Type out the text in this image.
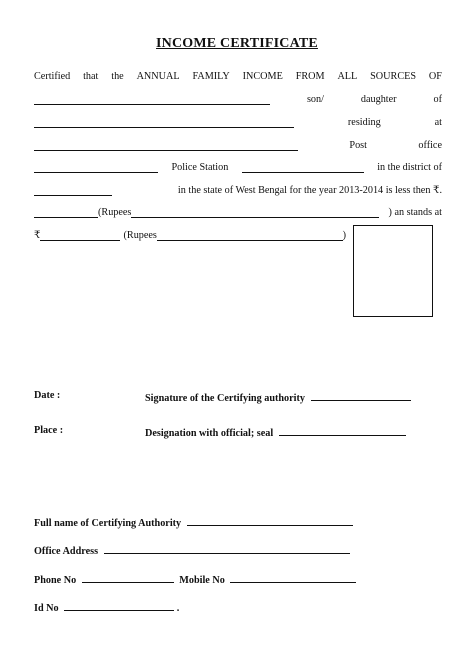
INCOME CERTIFICATE
Certified that the ANNUAL FAMILY INCOME FROM ALL SOURCES OF
son/	daughter	of
residing	at
Post	office
Police Station	in the district of
in the state of West Bengal for the year 2013-2014 is less then ₹.
(Rupees	) an stands at
₹	(Rupees	)
Date :	Signature of the Certifying authority
Place :	Designation with official; seal
Full name of Certifying Authority
Office Address
Phone No	Mobile No
Id No	.
